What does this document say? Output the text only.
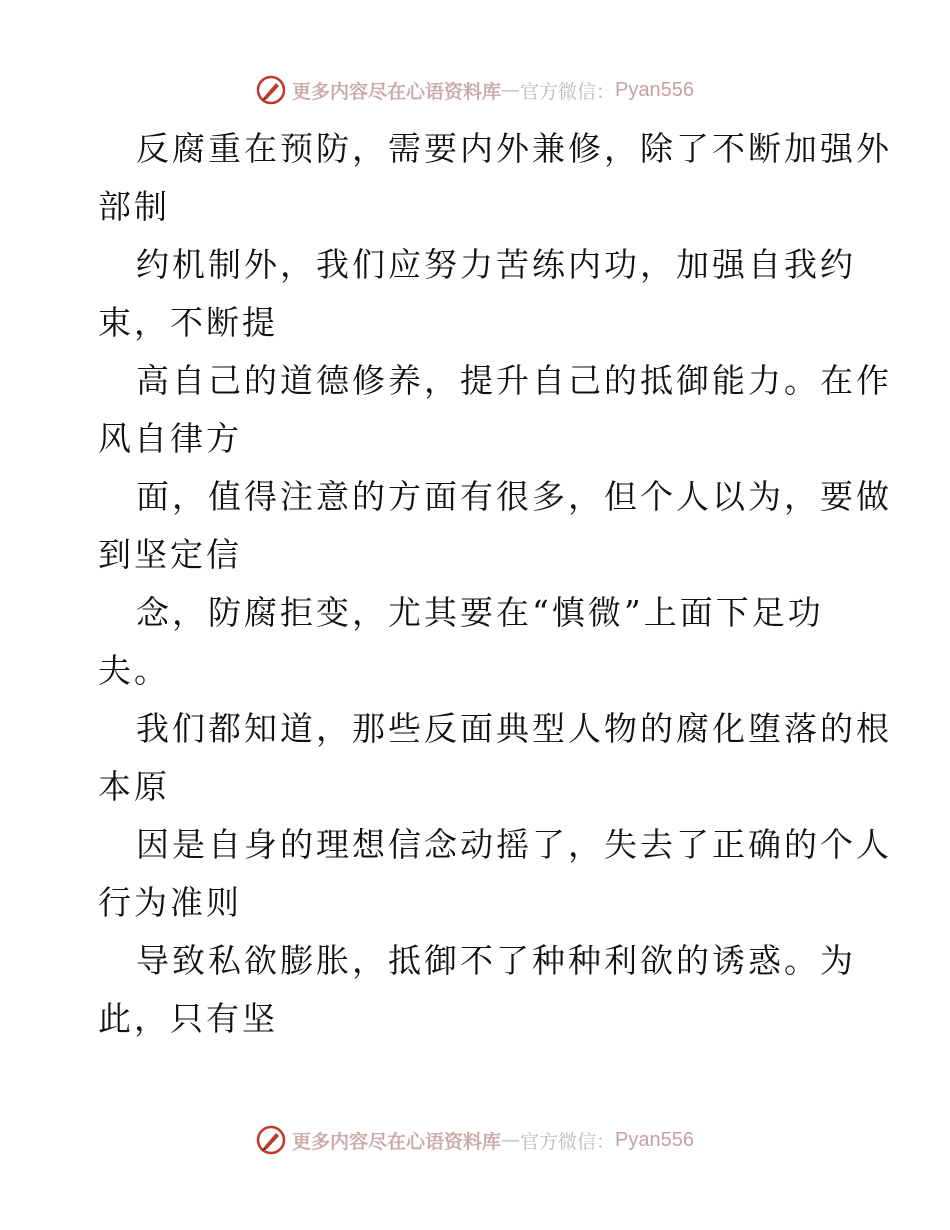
更多内容尽在心语资料库 — 官方微信： Pyan556
反腐重在预防，需要内外兼修，除了不断加强外
部制
约机制外，我们应努力苦练内功，加强自我约
束，不断提
高自己的道德修养，提升自己的抵御能力。在作
风自律方
面，值得注意的方面有很多，但个人以为，要做
到坚定信
念，防腐拒变，尤其要在“慎微”上面下足功
夫。
我们都知道，那些反面典型人物的腐化堕落的根
本原
因是自身的理想信念动摇了，失去了正确的个人
行为准则
导致私欲膨胀，抵御不了种种利欲的诱惑。为
此，只有坚
更多内容尽在心语资料库 — 官方微信： Pyan556
